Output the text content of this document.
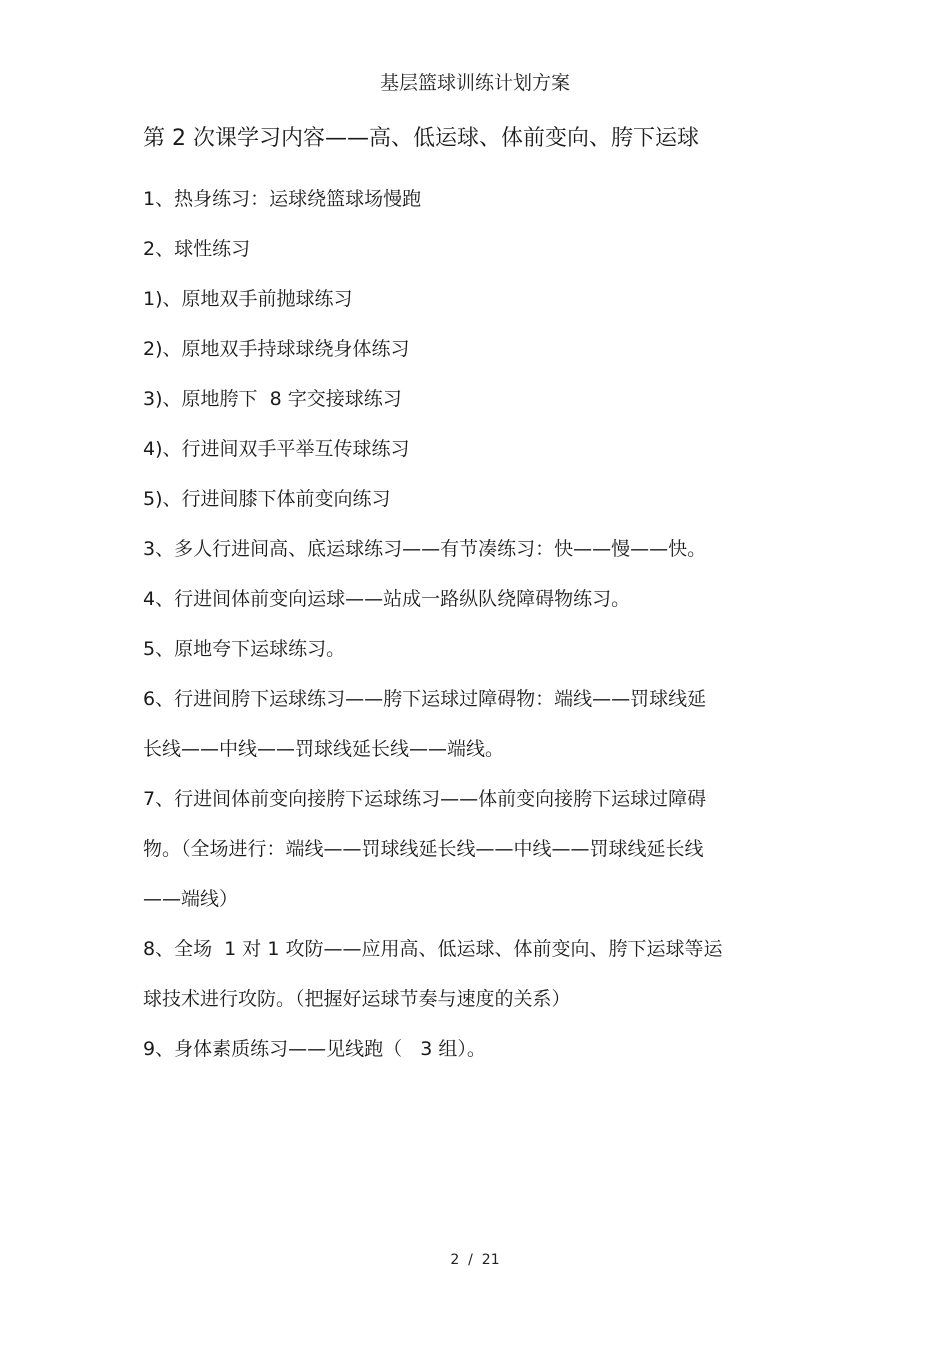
基层篮球训练计划方案
第 2 次课学习内容——高、低运球、体前变向、胯下运球
1、热身练习：运球绕篮球场慢跑
2、球性练习
1)、原地双手前抛球练习
2)、原地双手持球球绕身体练习
3)、原地胯下  8 字交接球练习
4)、行进间双手平举互传球练习
5)、行进间膝下体前变向练习
3、多人行进间高、底运球练习——有节凑练习：快——慢——快。
4、行进间体前变向运球——站成一路纵队绕障碍物练习。
5、原地夸下运球练习。
6、行进间胯下运球练习——胯下运球过障碍物：端线——罚球线延
长线——中线——罚球线延长线——端线。
7、行进间体前变向接胯下运球练习——体前变向接胯下运球过障碍
物。（全场进行：端线——罚球线延长线——中线——罚球线延长线
——端线）
8、全场  1 对 1 攻防——应用高、低运球、体前变向、胯下运球等运
球技术进行攻防。（把握好运球节奏与速度的关系）
9、身体素质练习——见线跑（   3 组）。
2  /  21
